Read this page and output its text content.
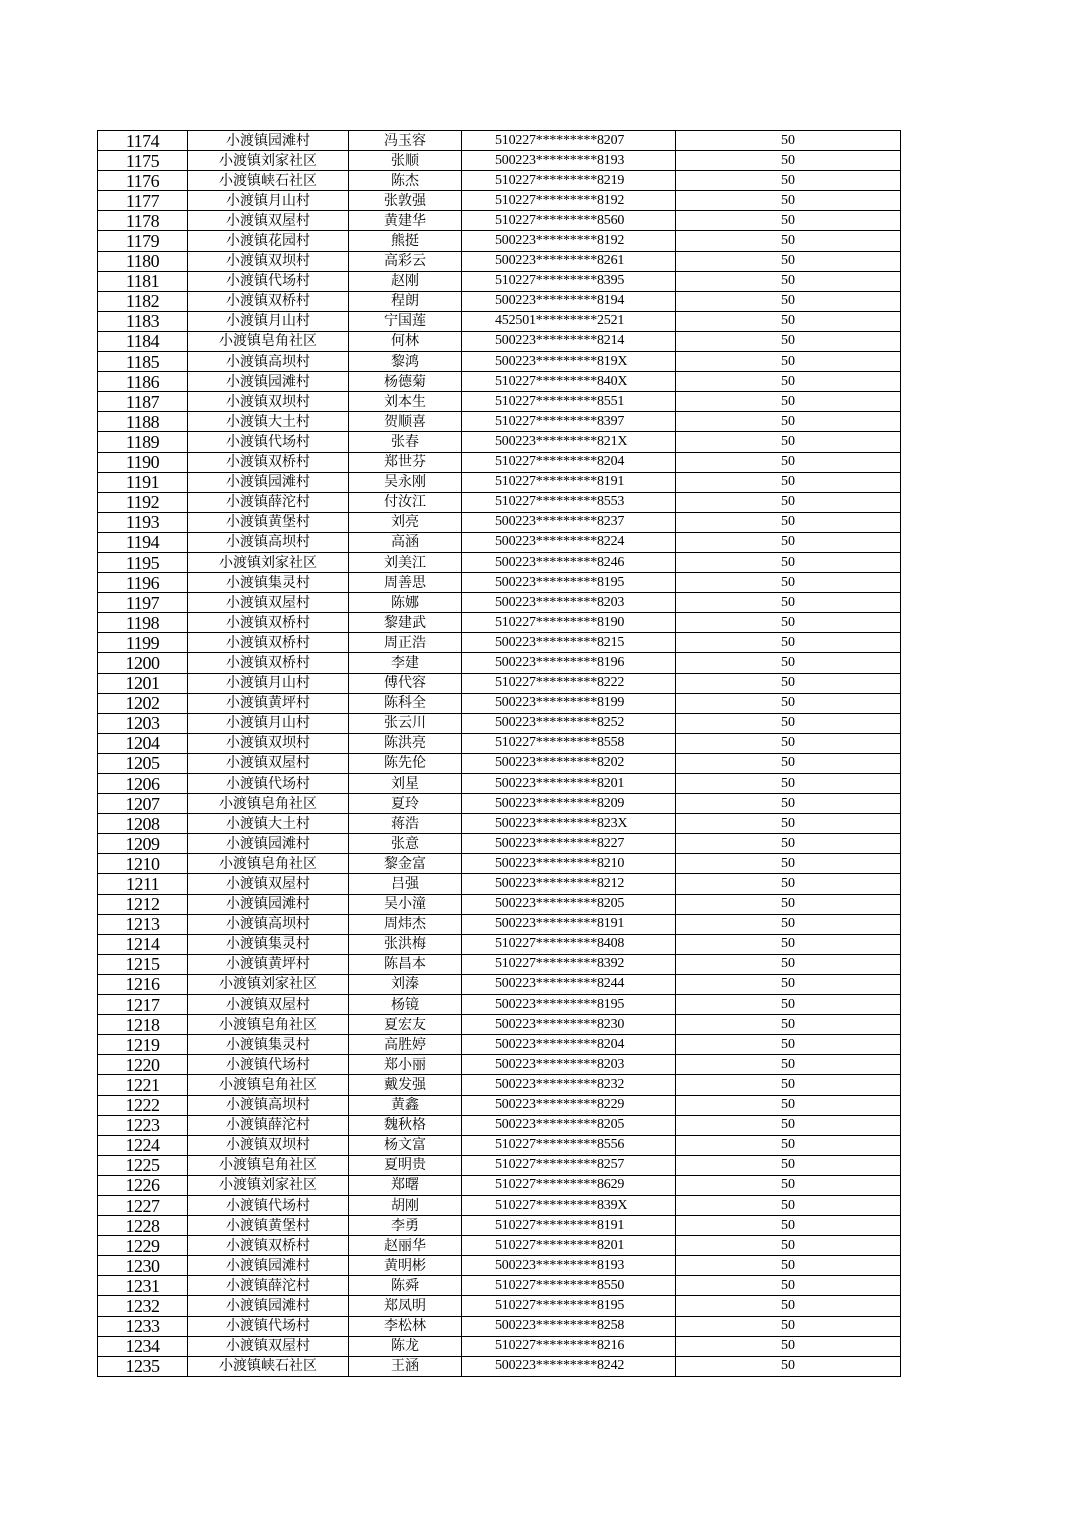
1174	小渡镇园滩村	冯玉容	510227*********8207	50
1175	小渡镇刘家社区	张顺	500223*********8193	50
1176	小渡镇峡石社区	陈杰	510227*********8219	50
1177	小渡镇月山村	张敦强	510227*********8192	50
1178	小渡镇双屋村	黄建华	510227*********8560	50
1179	小渡镇花园村	熊挺	500223*********8192	50
1180	小渡镇双坝村	高彩云	500223*********8261	50
1181	小渡镇代场村	赵刚	510227*********8395	50
1182	小渡镇双桥村	程朗	500223*********8194	50
1183	小渡镇月山村	宁国莲	452501*********2521	50
1184	小渡镇皂角社区	何林	500223*********8214	50
1185	小渡镇高坝村	黎鸿	500223*********819X	50
1186	小渡镇园滩村	杨德菊	510227*********840X	50
1187	小渡镇双坝村	刘本生	510227*********8551	50
1188	小渡镇大土村	贺顺喜	510227*********8397	50
1189	小渡镇代场村	张春	500223*********821X	50
1190	小渡镇双桥村	郑世芬	510227*********8204	50
1191	小渡镇园滩村	吴永刚	510227*********8191	50
1192	小渡镇薛沱村	付汝江	510227*********8553	50
1193	小渡镇黄堡村	刘亮	500223*********8237	50
1194	小渡镇高坝村	高涵	500223*********8224	50
1195	小渡镇刘家社区	刘美江	500223*********8246	50
1196	小渡镇集灵村	周善思	500223*********8195	50
1197	小渡镇双屋村	陈娜	500223*********8203	50
1198	小渡镇双桥村	黎建武	510227*********8190	50
1199	小渡镇双桥村	周正浩	500223*********8215	50
1200	小渡镇双桥村	李建	500223*********8196	50
1201	小渡镇月山村	傅代容	510227*********8222	50
1202	小渡镇黄坪村	陈科全	500223*********8199	50
1203	小渡镇月山村	张云川	500223*********8252	50
1204	小渡镇双坝村	陈洪亮	510227*********8558	50
1205	小渡镇双屋村	陈先伦	500223*********8202	50
1206	小渡镇代场村	刘星	500223*********8201	50
1207	小渡镇皂角社区	夏玲	500223*********8209	50
1208	小渡镇大土村	蒋浩	500223*********823X	50
1209	小渡镇园滩村	张意	500223*********8227	50
1210	小渡镇皂角社区	黎金富	500223*********8210	50
1211	小渡镇双屋村	吕强	500223*********8212	50
1212	小渡镇园滩村	吴小潼	500223*********8205	50
1213	小渡镇高坝村	周炜杰	500223*********8191	50
1214	小渡镇集灵村	张洪梅	510227*********8408	50
1215	小渡镇黄坪村	陈昌本	510227*********8392	50
1216	小渡镇刘家社区	刘溱	500223*********8244	50
1217	小渡镇双屋村	杨镜	500223*********8195	50
1218	小渡镇皂角社区	夏宏友	500223*********8230	50
1219	小渡镇集灵村	高胜婷	500223*********8204	50
1220	小渡镇代场村	郑小丽	500223*********8203	50
1221	小渡镇皂角社区	戴发强	500223*********8232	50
1222	小渡镇高坝村	黄鑫	500223*********8229	50
1223	小渡镇薛沱村	魏秋格	500223*********8205	50
1224	小渡镇双坝村	杨文富	510227*********8556	50
1225	小渡镇皂角社区	夏明贵	510227*********8257	50
1226	小渡镇刘家社区	郑曙	510227*********8629	50
1227	小渡镇代场村	胡刚	510227*********839X	50
1228	小渡镇黄堡村	李勇	510227*********8191	50
1229	小渡镇双桥村	赵丽华	510227*********8201	50
1230	小渡镇园滩村	黄明彬	500223*********8193	50
1231	小渡镇薛沱村	陈舜	510227*********8550	50
1232	小渡镇园滩村	郑凤明	510227*********8195	50
1233	小渡镇代场村	李松林	500223*********8258	50
1234	小渡镇双屋村	陈龙	510227*********8216	50
1235	小渡镇峡石社区	王涵	500223*********8242	50
